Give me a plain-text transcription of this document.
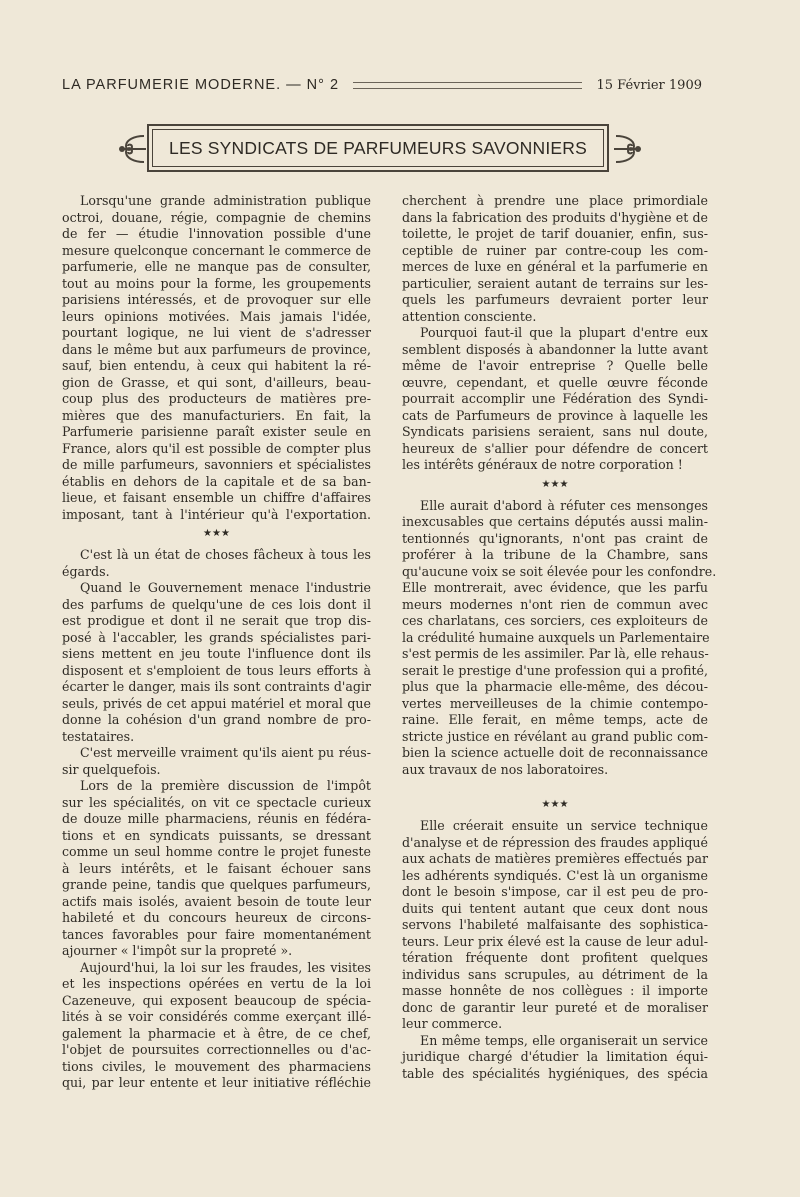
LA PARFUMERIE MODERNE. — N° 2	15 Février 1909
LES SYNDICATS DE PARFUMEURS SAVONNIERS
Lorsqu'une grande administration publique
octroi, douane, régie, compagnie de chemins
de fer — étudie l'innovation possible d'une
mesure quelconque concernant le commerce de
parfumerie, elle ne manque pas de consulter,
tout au moins pour la forme, les groupements
parisiens intéressés, et de provoquer sur elle
leurs opinions motivées. Mais jamais l'idée,
pourtant logique, ne lui vient de s'adresser
dans le même but aux parfumeurs de province,
sauf, bien entendu, à ceux qui habitent la ré-
gion de Grasse, et qui sont, d'ailleurs, beau-
coup plus des producteurs de matières pre-
mières que des manufacturiers. En fait, la
Parfumerie parisienne paraît exister seule en
France, alors qu'il est possible de compter plus
de mille parfumeurs, savonniers et spécialistes
établis en dehors de la capitale et de sa ban-
lieue, et faisant ensemble un chiffre d'affaires
imposant, tant à l'intérieur qu'à l'exportation.
★★★
C'est là un état de choses fâcheux à tous les
égards.
Quand le Gouvernement menace l'industrie
des parfums de quelqu'une de ces lois dont il
est prodigue et dont il ne serait que trop dis-
posé à l'accabler, les grands spécialistes pari-
siens mettent en jeu toute l'influence dont ils
disposent et s'emploient de tous leurs efforts à
écarter le danger, mais ils sont contraints d'agir
seuls, privés de cet appui matériel et moral que
donne la cohésion d'un grand nombre de pro-
testataires.
C'est merveille vraiment qu'ils aient pu réus-
sir quelquefois.
Lors de la première discussion de l'impôt
sur les spécialités, on vit ce spectacle curieux
de douze mille pharmaciens, réunis en fédéra-
tions et en syndicats puissants, se dressant
comme un seul homme contre le projet funeste
à leurs intérêts, et le faisant échouer sans
grande peine, tandis que quelques parfumeurs,
actifs mais isolés, avaient besoin de toute leur
habileté et du concours heureux de circons-
tances favorables pour faire momentanément
ajourner « l'impôt sur la propreté ».
Aujourd'hui, la loi sur les fraudes, les visites
et les inspections opérées en vertu de la loi
Cazeneuve, qui exposent beaucoup de spécia-
lités à se voir considérés comme exerçant illé-
galement la pharmacie et à être, de ce chef,
l'objet de poursuites correctionnelles ou d'ac-
tions civiles, le mouvement des pharmaciens
qui, par leur entente et leur initiative réfléchie
cherchent à prendre une place primordiale
dans la fabrication des produits d'hygiène et de
toilette, le projet de tarif douanier, enfin, sus-
ceptible de ruiner par contre-coup les com-
merces de luxe en général et la parfumerie en
particulier, seraient autant de terrains sur les-
quels les parfumeurs devraient porter leur
attention consciente.
Pourquoi faut-il que la plupart d'entre eux
semblent disposés à abandonner la lutte avant
même de l'avoir entreprise ? Quelle belle
œuvre, cependant, et quelle œuvre féconde
pourrait accomplir une Fédération des Syndi-
cats de Parfumeurs de province à laquelle les
Syndicats parisiens seraient, sans nul doute,
heureux de s'allier pour défendre de concert
les intérêts généraux de notre corporation !
★★★
Elle aurait d'abord à réfuter ces mensonges
inexcusables que certains députés aussi malin-
tentionnés qu'ignorants, n'ont pas craint de
proférer à la tribune de la Chambre, sans
qu'aucune voix se soit élevée pour les confondre.
Elle montrerait, avec évidence, que les parfu
meurs modernes n'ont rien de commun avec
ces charlatans, ces sorciers, ces exploiteurs de
la crédulité humaine auxquels un Parlementaire
s'est permis de les assimiler. Par là, elle rehaus-
serait le prestige d'une profession qui a profité,
plus que la pharmacie elle-même, des décou-
vertes merveilleuses de la chimie contempo-
raine. Elle ferait, en même temps, acte de
stricte justice en révélant au grand public com-
bien la science actuelle doit de reconnaissance
aux travaux de nos laboratoires.
★★★
Elle créerait ensuite un service technique
d'analyse et de répression des fraudes appliqué
aux achats de matières premières effectués par
les adhérents syndiqués. C'est là un organisme
dont le besoin s'impose, car il est peu de pro-
duits qui tentent autant que ceux dont nous
servons l'habileté malfaisante des sophistica-
teurs. Leur prix élevé est la cause de leur adul-
tération fréquente dont profitent quelques
individus sans scrupules, au détriment de la
masse honnête de nos collègues : il importe
donc de garantir leur pureté et de moraliser
leur commerce.
En même temps, elle organiserait un service
juridique chargé d'étudier la limitation équi-
table des spécialités hygiéniques, des spécia
